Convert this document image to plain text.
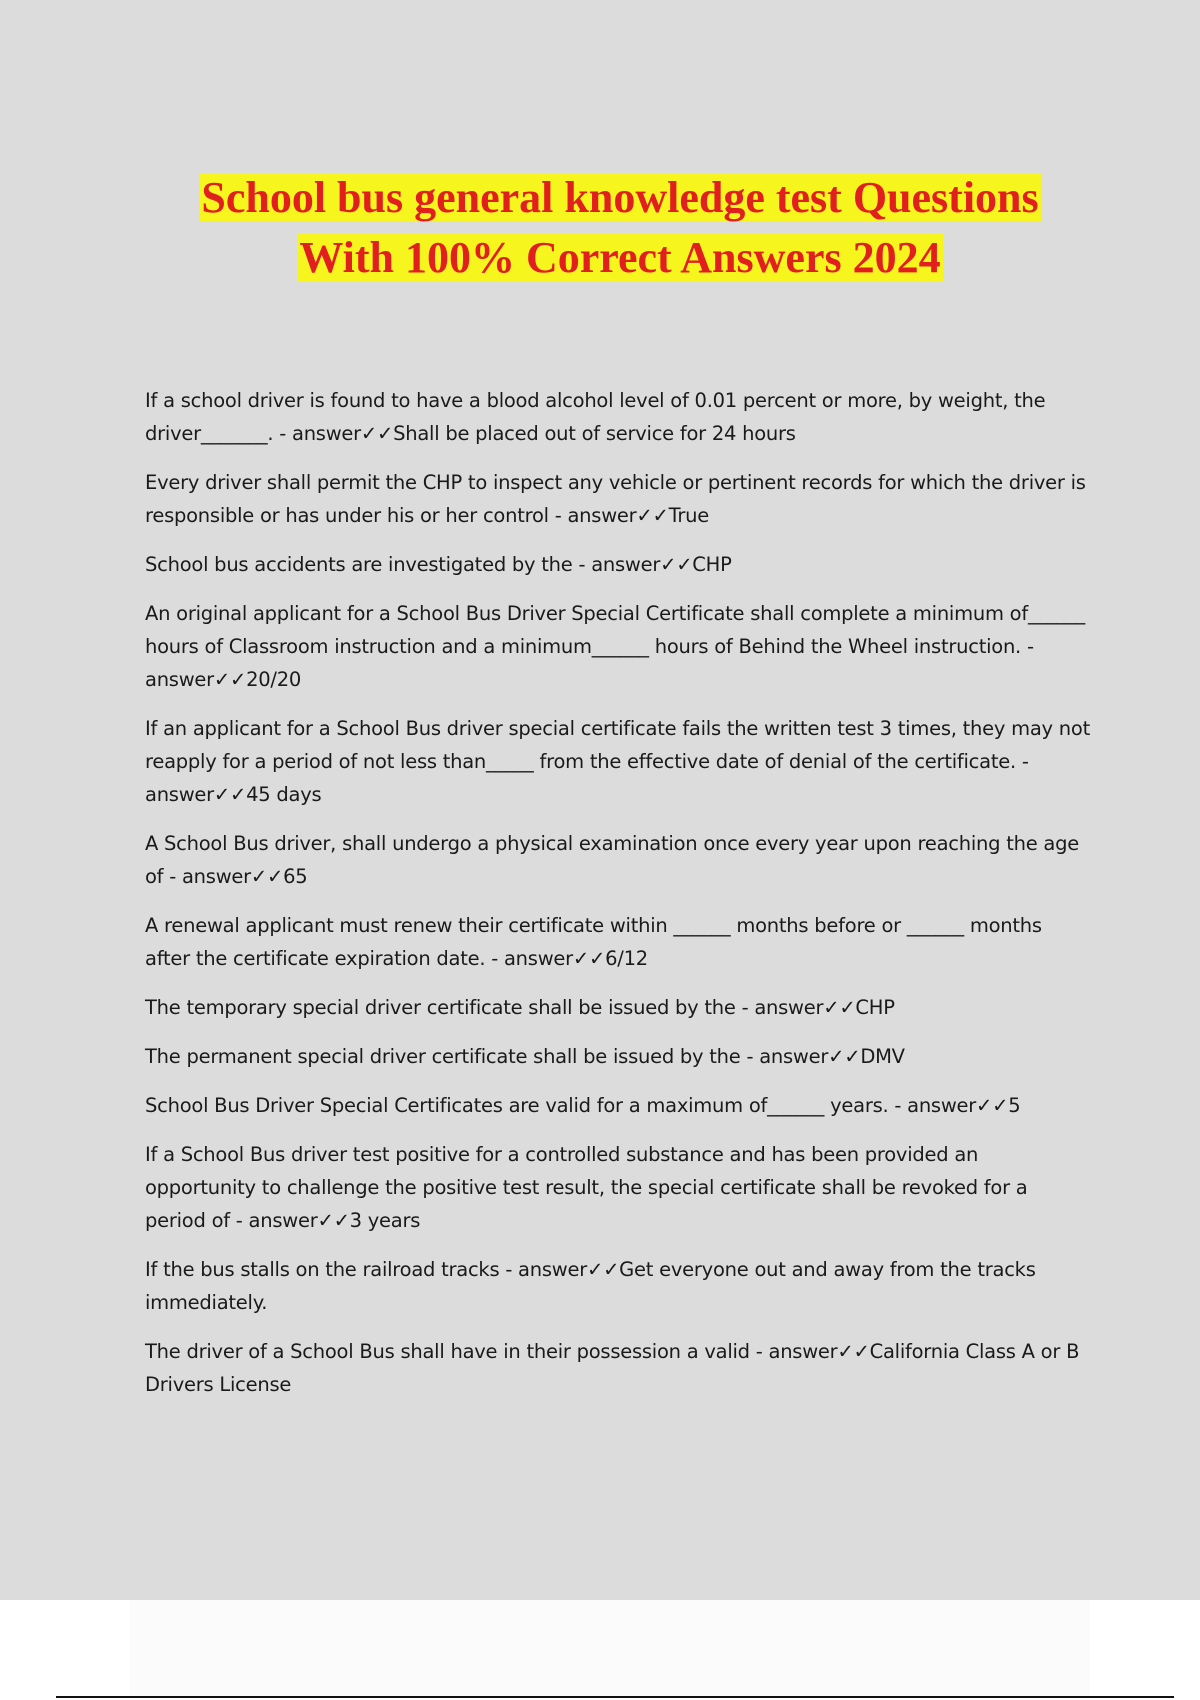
School bus general knowledge test Questions
With 100% Correct Answers 2024

If a school driver is found to have a blood alcohol level of 0.01 percent or more, by weight, the driver_______. - answer✓✓Shall be placed out of service for 24 hours

Every driver shall permit the CHP to inspect any vehicle or pertinent records for which the driver is responsible or has under his or her control - answer✓✓True

School bus accidents are investigated by the - answer✓✓CHP

An original applicant for a School Bus Driver Special Certificate shall complete a minimum of______ hours of Classroom instruction and a minimum______ hours of Behind the Wheel instruction. - answer✓✓20/20

If an applicant for a School Bus driver special certificate fails the written test 3 times, they may not reapply for a period of not less than_____ from the effective date of denial of the certificate. - answer✓✓45 days

A School Bus driver, shall undergo a physical examination once every year upon reaching the age of - answer✓✓65

A renewal applicant must renew their certificate within ______ months before or ______ months after the certificate expiration date. - answer✓✓6/12

The temporary special driver certificate shall be issued by the - answer✓✓CHP

The permanent special driver certificate shall be issued by the - answer✓✓DMV

School Bus Driver Special Certificates are valid for a maximum of______ years. - answer✓✓5

If a School Bus driver test positive for a controlled substance and has been provided an opportunity to challenge the positive test result, the special certificate shall be revoked for a period of - answer✓✓3 years

If the bus stalls on the railroad tracks - answer✓✓Get everyone out and away from the tracks immediately.

The driver of a School Bus shall have in their possession a valid - answer✓✓California Class A or B Drivers License
